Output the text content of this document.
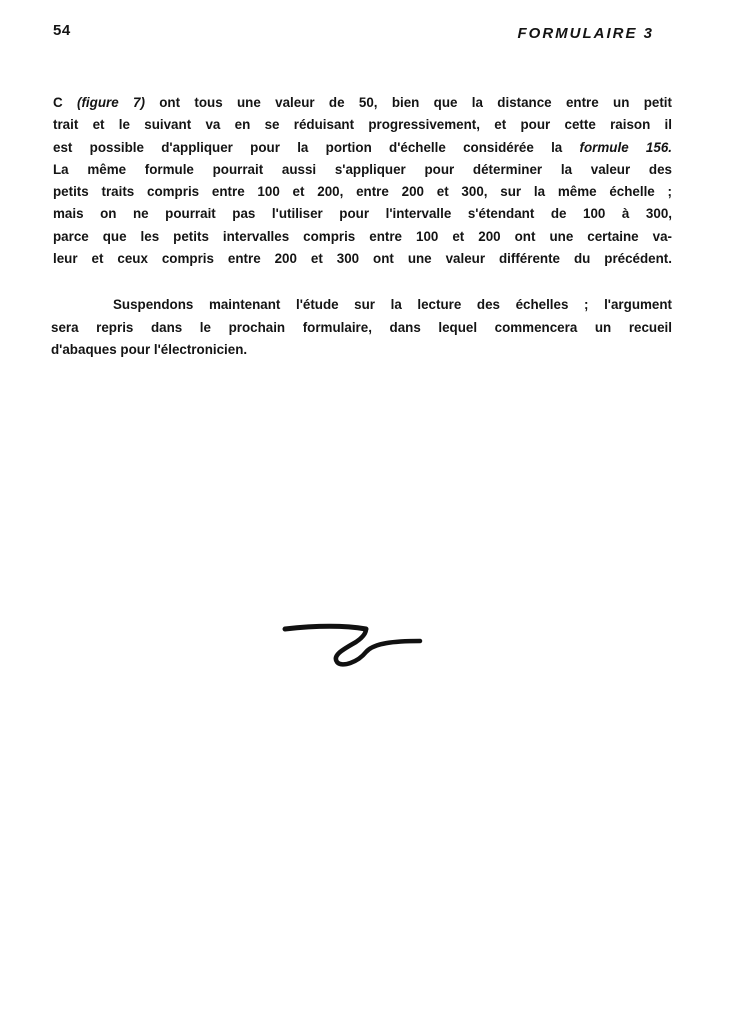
54	FORMULAIRE 3
C (figure 7) ont tous une valeur de 50, bien que la distance entre un petit
trait et le suivant va en se réduisant progressivement, et pour cette raison il
est possible d'appliquer pour la portion d'échelle considérée la formule 156.
La même formule pourrait aussi s'appliquer pour déterminer la valeur des
petits traits compris entre 100 et 200, entre 200 et 300, sur la même échelle ;
mais on ne pourrait pas l'utiliser pour l'intervalle s'étendant de 100 à 300,
parce que les petits intervalles compris entre 100 et 200 ont une certaine va-
leur et ceux compris entre 200 et 300 ont une valeur différente du précédent.
Suspendons maintenant l'étude sur la lecture des échelles ; l'argument
sera repris dans le prochain formulaire, dans lequel commencera un recueil
d'abaques pour l'électronicien.
